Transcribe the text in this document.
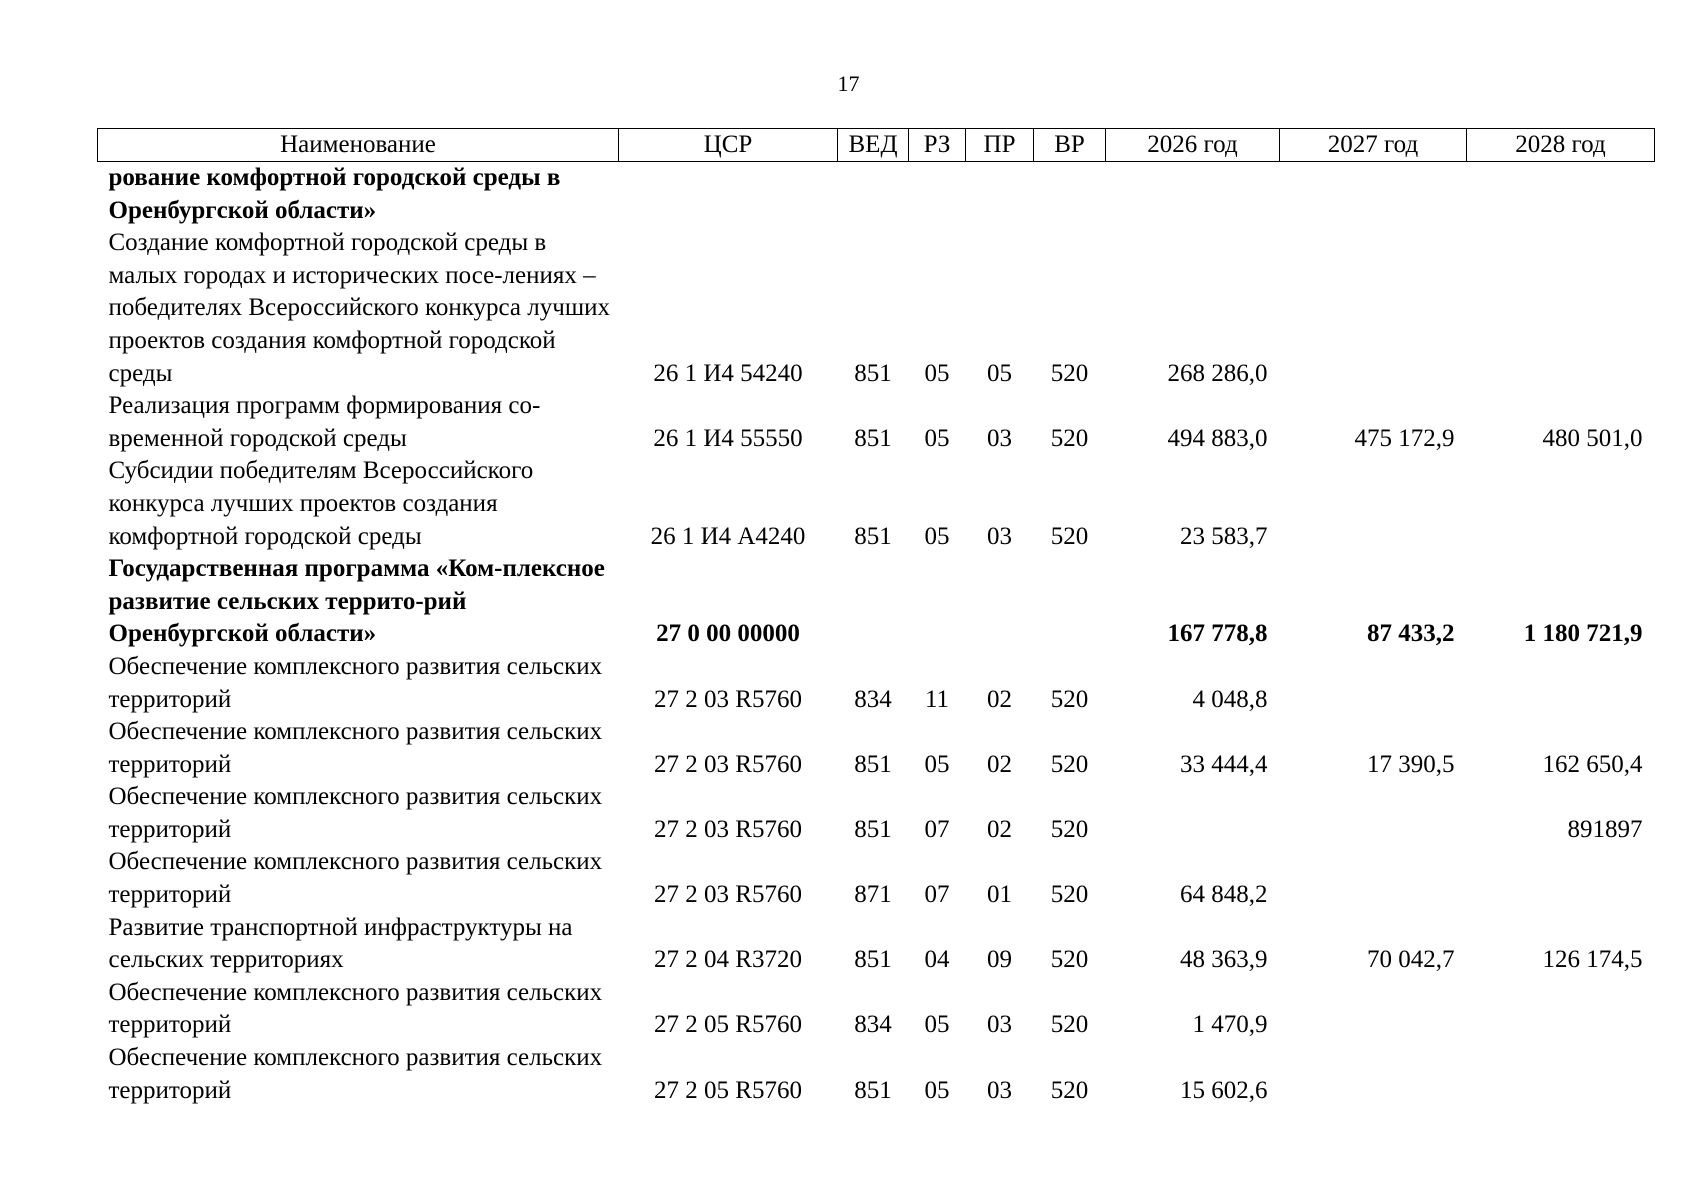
17
Наименование	ЦСР	ВЕД	РЗ	ПР	ВР	2026 год	2027 год	2028 год
рование комфортной городской среды в Оренбургской области»								
Создание комфортной городской среды в малых городах и исторических посе-лениях – победителях Всероссийского конкурса лучших проектов создания комфортной городской среды	26 1 И4 54240	851	05	05	520	268 286,0		
Реализация программ формирования со-временной городской среды	26 1 И4 55550	851	05	03	520	494 883,0	475 172,9	480 501,0
Субсидии победителям Всероссийского конкурса лучших проектов создания комфортной городской среды	26 1 И4 А4240	851	05	03	520	23 583,7		
Государственная программа «Ком-плексное развитие сельских террито-рий Оренбургской области»	27 0 00 00000					167 778,8	87 433,2	1 180 721,9
Обеспечение комплексного развития сельских территорий	27 2 03 R5760	834	11	02	520	4 048,8		
Обеспечение комплексного развития сельских территорий	27 2 03 R5760	851	05	02	520	33 444,4	17 390,5	162 650,4
Обеспечение комплексного развития сельских территорий	27 2 03 R5760	851	07	02	520			891897
Обеспечение комплексного развития сельских территорий	27 2 03 R5760	871	07	01	520	64 848,2		
Развитие транспортной инфраструктуры на сельских территориях	27 2 04 R3720	851	04	09	520	48 363,9	70 042,7	126 174,5
Обеспечение комплексного развития сельских территорий	27 2 05 R5760	834	05	03	520	1 470,9		
Обеспечение комплексного развития сельских территорий	27 2 05 R5760	851	05	03	520	15 602,6		
